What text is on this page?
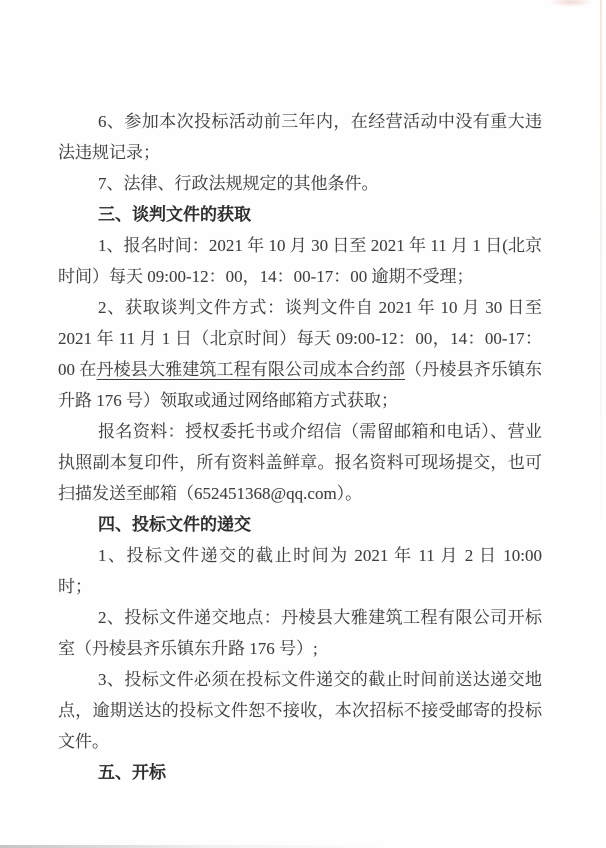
6、参加本次投标活动前三年内，在经营活动中没有重大违法违规记录；

7、法律、行政法规规定的其他条件。

三、谈判文件的获取

1、报名时间：2021 年 10 月 30 日至 2021 年 11 月 1 日(北京时间）每天 09:00-12：00，14：00-17：00 逾期不受理；

2、获取谈判文件方式：谈判文件自 2021 年 10 月 30 日至 2021 年 11 月 1 日（北京时间）每天 09:00-12：00，14：00-17：00 在丹棱县大雅建筑工程有限公司成本合约部（丹棱县齐乐镇东升路 176 号）领取或通过网络邮箱方式获取；

报名资料：授权委托书或介绍信（需留邮箱和电话）、营业执照副本复印件，所有资料盖鲜章。报名资料可现场提交，也可扫描发送至邮箱（652451368@qq.com）。

四、投标文件的递交

1、投标文件递交的截止时间为 2021 年 11 月 2 日 10:00 时；

2、投标文件递交地点：丹棱县大雅建筑工程有限公司开标室（丹棱县齐乐镇东升路 176 号）;

3、投标文件必须在投标文件递交的截止时间前送达递交地点，逾期送达的投标文件恕不接收，本次招标不接受邮寄的投标文件。

五、开标
